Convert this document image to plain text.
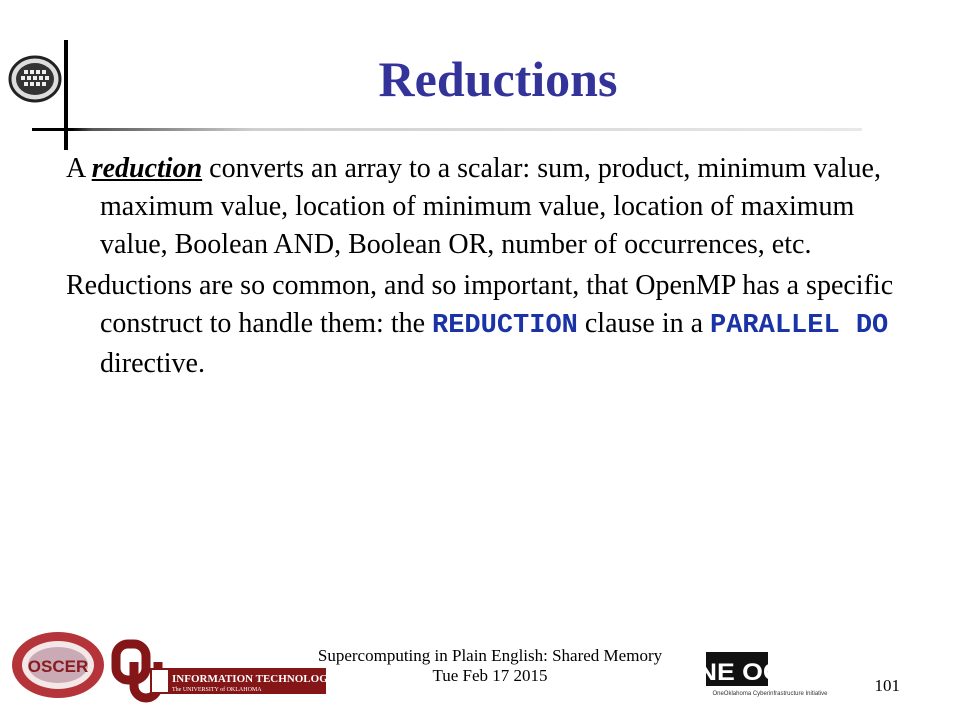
Reductions

A reduction converts an array to a scalar: sum, product, minimum value, maximum value, location of minimum value, location of maximum value, Boolean AND, Boolean OR, number of occurrences, etc.

Reductions are so common, and so important, that OpenMP has a specific construct to handle them: the REDUCTION clause in a PARALLEL DO directive.

OSCER
OU
INFORMATION TECHNOLOGY
The UNIVERSITY of OKLAHOMA
Supercomputing in Plain English: Shared Memory
Tue Feb 17 2015	ONE OCII
OneOklahoma Cyberinfrastructure Initiative	101
